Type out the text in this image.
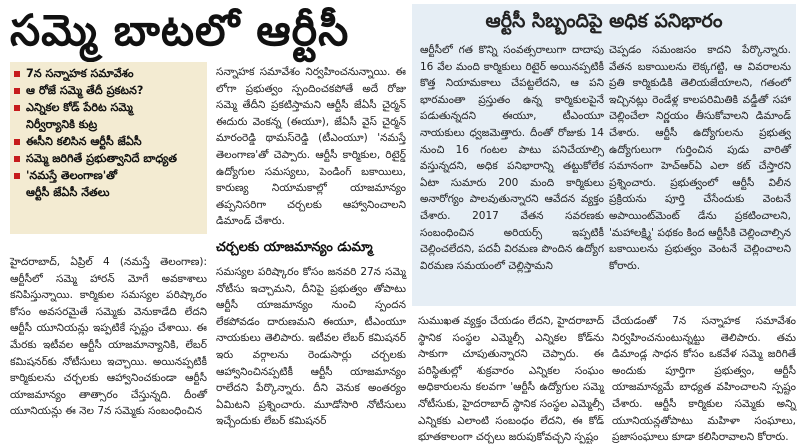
సమ్మె బాటలో ఆర్టీసీ	ఆర్టీసీ సిబ్బందిపై అధిక పనిభారం

ఆర్టీసీలో గత కొన్ని సంవత్సరాలుగా దాదాపు 16 వేల మంది కార్మికులు రిటైర్ అయినప్పటికీ కొత్త నియామకాలు చేపట్టలేదని, ఆ పని భారమంతా ప్రస్తుతం ఉన్న కార్మికులపైనే పడుతున్నదని ఈయూ, టీఎంయూ నాయకులు ధ్వజమెత్తారు. దీంతో రోజుకు 14 నుంచి 16 గంటల పాటు పనిచేయాల్సి వస్తున్నదని, అధిక పనిభారాన్ని తట్టుకోలేక ఏటా సుమారు 200 మంది కార్మికులు అనారోగ్యం పాలవుతున్నారని ఆవేదన వ్యక్తం చేశారు. 2017 వేతన సవరణకు సంబంధించిన అరియర్స్ ఇప్పటికీ చెల్లించలేదని, పదవీ విరమణ పొందిన ఉద్యోగ విరమణ సమయంలో చెల్లిస్తామని

చెప్పడం సమంజసం కాదని పేర్కొన్నారు. వేతన బకాయిలను లెక్కగట్టి, ఆ వివరాలను ప్రతి కార్మికుడికి తెలియజేయాలని, గతంలో ఇచ్చినట్లు రెండేళ్ల కాలపరిమితికి వడ్డీతో సహా చెల్లించేలా నిర్ణయం తీసుకోవాలని డిమాండ్ చేశారు. ఆర్టీసీ ఉద్యోగులను ప్రభుత్వ ఉద్యోగులుగా గుర్తించిన పుడు వారితో సమానంగా హెచ్‌ఆర్‌ఏ ఎలా కట్ చేస్తారని ప్రశ్నించారు. ప్రభుత్వంలో ఆర్టీసీ విలీన ప్రక్రియను పూర్తి చేసేందుకు వెంటనే అపాయింట్‌మెంట్ డేను ప్రకటించాలని, 'మహాలక్ష్మి' పథకం కింద ఆర్టీసీకి చెల్లించాల్సిన బకాయిలను ప్రభుత్వం వెంటనే చెల్లించాలని కోరారు.

7న సన్నాహక సమావేశం
ఆ రోజే సమ్మె తేదీ ప్రకటన?
ఎన్నికల కోడ్ పేరిట సమ్మె
నిర్వీర్యానికి కుట్ర
ఈసీని కలిసిన ఆర్టీసీ జేఏసీ
సమ్మె జరిగితే ప్రభుత్వానిదే బాధ్యత
'నమస్తే తెలంగాణ'తో
ఆర్టీసీ జేఏసీ నేతలు

హైదరాబాద్, ఏప్రిల్ 4 (నమస్తే తెలంగాణ): ఆర్టీసీలో సమ్మె హారన్ మోగే అవకాశాలు కనిపిస్తున్నాయి. కార్మికుల సమస్యల పరిష్కారం కోసం అవసరమైతే సమ్మెకు వెనుకాడేది లేదని ఆర్టీసీ యూనియన్లు ఇప్పటికే స్పష్టం చేశాయి. ఈ మేరకు ఇటీవల ఆర్టీసీ యాజమాన్యానికి, లేబర్ కమిషనర్‌కు నోటీసులు ఇచ్చాయి. అయినప్పటికీ కార్మికులను చర్చలకు ఆహ్వానించకుండా ఆర్టీసీ యాజమాన్యం తాత్సారం చేస్తున్నది. దీంతో యూనియన్లు ఈ నెల 7న సమ్మెకు సంబంధించిన

సన్నాహక సమావేశం నిర్వహించనున్నాయి. ఈ లోగా ప్రభుత్వం స్పందించకపోతే అదే రోజు సమ్మె తేదీని ప్రకటిస్తామని ఆర్టీసీ జేఏసీ చైర్మన్ ఈదురు వెంకన్న (ఈయూ), జేఏసీ వైస్ చైర్మన్ మారంరెడ్డి థామస్‌రెడ్డి (టీఎంయూ) 'నమస్తే తెలంగాణ'తో చెప్పారు. ఆర్టీసీ కార్మికుల, రిటైర్డ్ ఉద్యోగుల సమస్యలు, పెండింగ్ బకాయిలు, కారుణ్య నియామకాల్లో యాజమాన్యం తప్పనిసరిగా చర్చలకు ఆహ్వానించాలని డిమాండ్ చేశారు.

చర్చలకు యాజమాన్యం డుమ్మా

సమస్యల పరిష్కారం కోసం జనవరి 27న సమ్మె నోటీసు ఇచ్చామని, దీనిపై ప్రభుత్వం తోపాటు ఆర్టీసీ యాజమాన్యం నుంచి స్పందన లేకపోవడం దారుణమని ఈయూ, టీఎంయూ నాయకులు తెలిపారు. ఇటీవల లేబర్ కమిషనర్ ఇరు వర్గాలను రెండుసార్లు చర్చలకు ఆహ్వానించినప్పటికీ ఆర్టీసీ యాజమాన్యం రాలేదని పేర్కొన్నారు. దీని వెనుక అంతర్యం ఏమిటని ప్రశ్నించారు. మూడోసారి నోటీసులు ఇచ్చేందుకు లేబర్ కమిషనర్

సుముఖత వ్యక్తం చేయడం లేదని, హైదరాబాద్ స్థానిక సంస్థల ఎమ్మెల్సీ ఎన్నికల కోడ్‌ను సాకుగా చూపుతున్నారని చెప్పారు. ఈ పరిస్థితుల్లో శుక్రవారం ఎన్నికల సంఘం అధికారులను కలవగా 'ఆర్టీసీ ఉద్యోగుల సమ్మె నోటీసుకు, హైదరాబాద్ స్థానిక సంస్థల ఎమ్మెల్సీ ఎన్నికకు ఎలాంటి సంబంధం లేదని, ఈ కోడ్ భూతకాలంగా చర్చలు జరుపుకోవచ్చని స్పష్టం

చేయడంతో 7న సన్నాహక సమావేశం నిర్వహించనుంటున్నట్టు తెలిపారు. తమ డిమాండ్ల సాధన కోసం ఒకవేళ సమ్మె జరిగితే అందుకు పూర్తిగా ప్రభుత్వం, ఆర్టీసీ యాజమాన్యమే బాధ్యత వహించాలని స్పష్టం చేశారు. ఆర్టీసీ కార్మికుల సమ్మెకు అన్ని యూనియన్లతోపాటు మహిళా సంఘాలు, ప్రజాసంఘాలు కూడా కలిసిరావాలని కోరారు.
